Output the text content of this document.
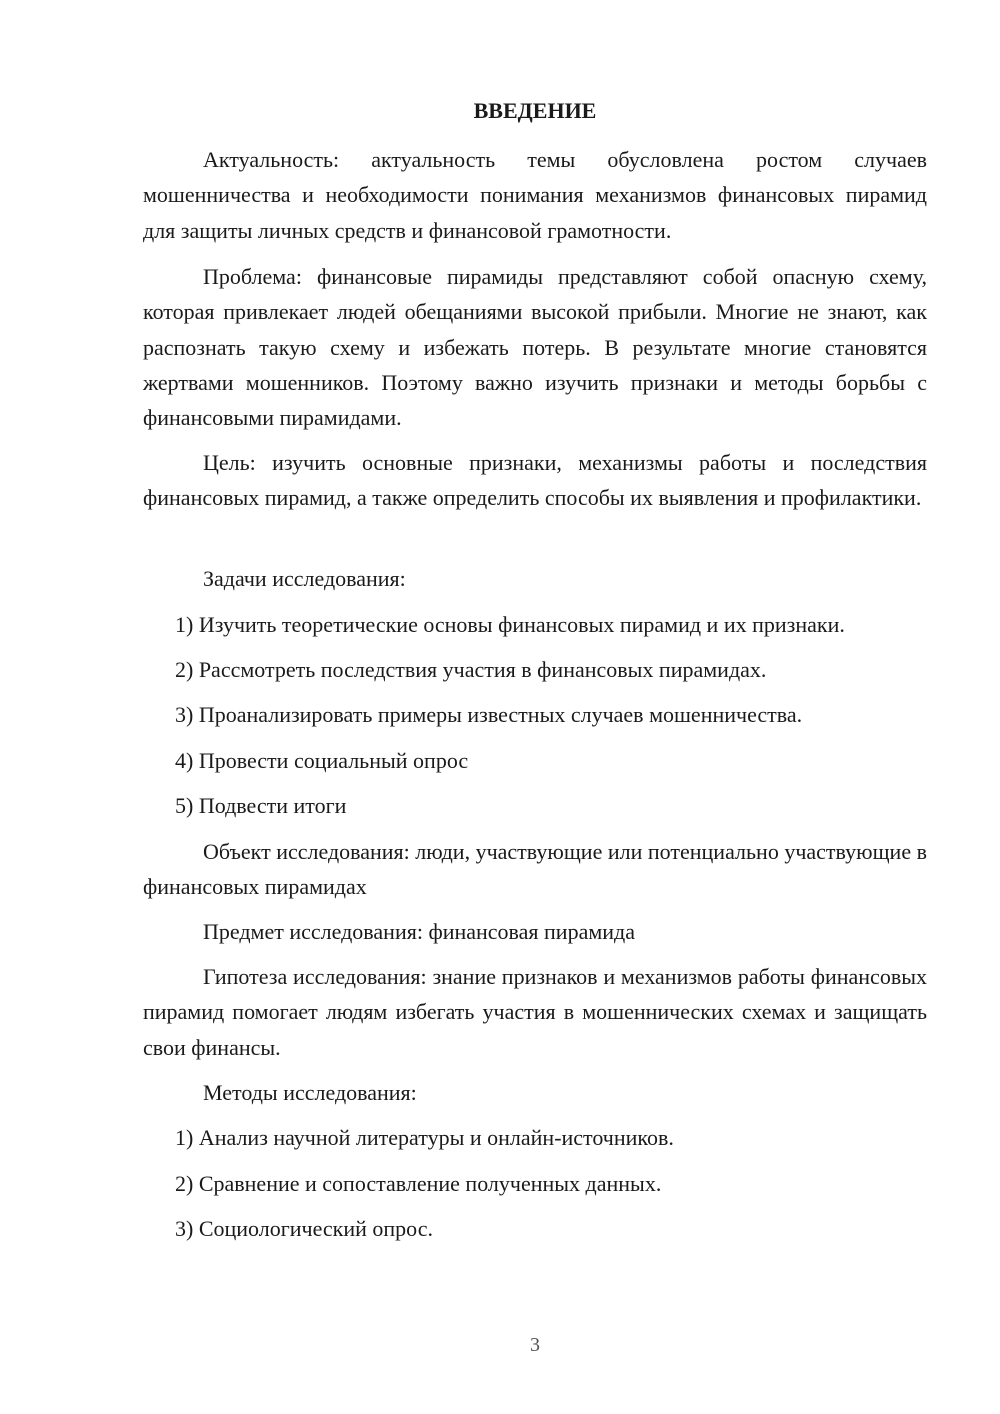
ВВЕДЕНИЕ
Актуальность: актуальность темы обусловлена ростом случаев мошенничества и необходимости понимания механизмов финансовых пирамид для защиты личных средств и финансовой грамотности.
Проблема: финансовые пирамиды представляют собой опасную схему, которая привлекает людей обещаниями высокой прибыли. Многие не знают, как распознать такую схему и избежать потерь. В результате многие становятся жертвами мошенников. Поэтому важно изучить признаки и методы борьбы с финансовыми пирамидами.
Цель: изучить основные признаки, механизмы работы и последствия финансовых пирамид, а также определить способы их выявления и профилактики.
Задачи исследования:
1) Изучить теоретические основы финансовых пирамид и их признаки.
2) Рассмотреть последствия участия в финансовых пирамидах.
3) Проанализировать примеры известных случаев мошенничества.
4) Провести социальный опрос
5) Подвести итоги
Объект исследования: люди, участвующие или потенциально участвующие в финансовых пирамидах
Предмет исследования: финансовая пирамида
Гипотеза исследования: знание признаков и механизмов работы финансовых пирамид помогает людям избегать участия в мошеннических схемах и защищать свои финансы.
Методы исследования:
1) Анализ научной литературы и онлайн-источников.
2) Сравнение и сопоставление полученных данных.
3) Социологический опрос.
3
